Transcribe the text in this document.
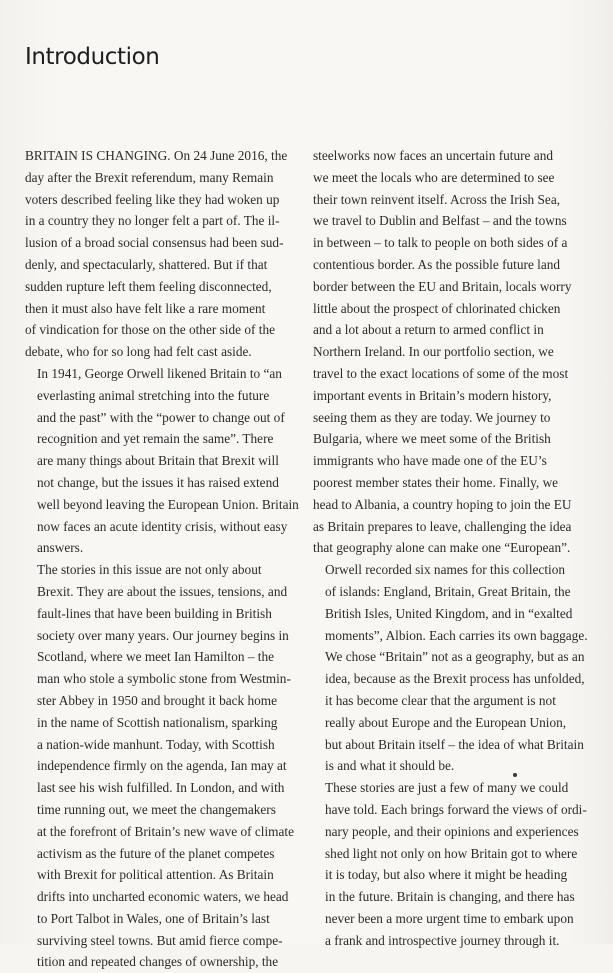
Introduction

BRITAIN IS CHANGING. On 24 June 2016, the
day after the Brexit referendum, many Remain
voters described feeling like they had woken up
in a country they no longer felt a part of. The il-
lusion of a broad social consensus had been sud-
denly, and spectacularly, shattered. But if that
sudden rupture left them feeling disconnected,
then it must also have felt like a rare moment
of vindication for those on the other side of the
debate, who for so long had felt cast aside.

In 1941, George Orwell likened Britain to “an
everlasting animal stretching into the future
and the past” with the “power to change out of
recognition and yet remain the same”. There
are many things about Britain that Brexit will
not change, but the issues it has raised extend
well beyond leaving the European Union. Britain
now faces an acute identity crisis, without easy
answers.

The stories in this issue are not only about
Brexit. They are about the issues, tensions, and
fault-lines that have been building in British
society over many years. Our journey begins in
Scotland, where we meet Ian Hamilton – the
man who stole a symbolic stone from Westmin-
ster Abbey in 1950 and brought it back home
in the name of Scottish nationalism, sparking
a nation-wide manhunt. Today, with Scottish
independence firmly on the agenda, Ian may at
last see his wish fulfilled. In London, and with
time running out, we meet the changemakers
at the forefront of Britain’s new wave of climate
activism as the future of the planet competes
with Brexit for political attention. As Britain
drifts into uncharted economic waters, we head
to Port Talbot in Wales, one of Britain’s last
surviving steel towns. But amid fierce compe-
tition and repeated changes of ownership, the

steelworks now faces an uncertain future and
we meet the locals who are determined to see
their town reinvent itself. Across the Irish Sea,
we travel to Dublin and Belfast – and the towns
in between – to talk to people on both sides of a
contentious border. As the possible future land
border between the EU and Britain, locals worry
little about the prospect of chlorinated chicken
and a lot about a return to armed conflict in
Northern Ireland. In our portfolio section, we
travel to the exact locations of some of the most
important events in Britain’s modern history,
seeing them as they are today. We journey to
Bulgaria, where we meet some of the British
immigrants who have made one of the EU’s
poorest member states their home. Finally, we
head to Albania, a country hoping to join the EU
as Britain prepares to leave, challenging the idea
that geography alone can make one “European”.

Orwell recorded six names for this collection
of islands: England, Britain, Great Britain, the
British Isles, United Kingdom, and in “exalted
moments”, Albion. Each carries its own baggage.
We chose “Britain” not as a geography, but as an
idea, because as the Brexit process has unfolded,
it has become clear that the argument is not
really about Europe and the European Union,
but about Britain itself – the idea of what Britain
is and what it should be.

These stories are just a few of many we could
have told. Each brings forward the views of ordi-
nary people, and their opinions and experiences
shed light not only on how Britain got to where
it is today, but also where it might be heading
in the future. Britain is changing, and there has
never been a more urgent time to embark upon
a frank and introspective journey through it.
